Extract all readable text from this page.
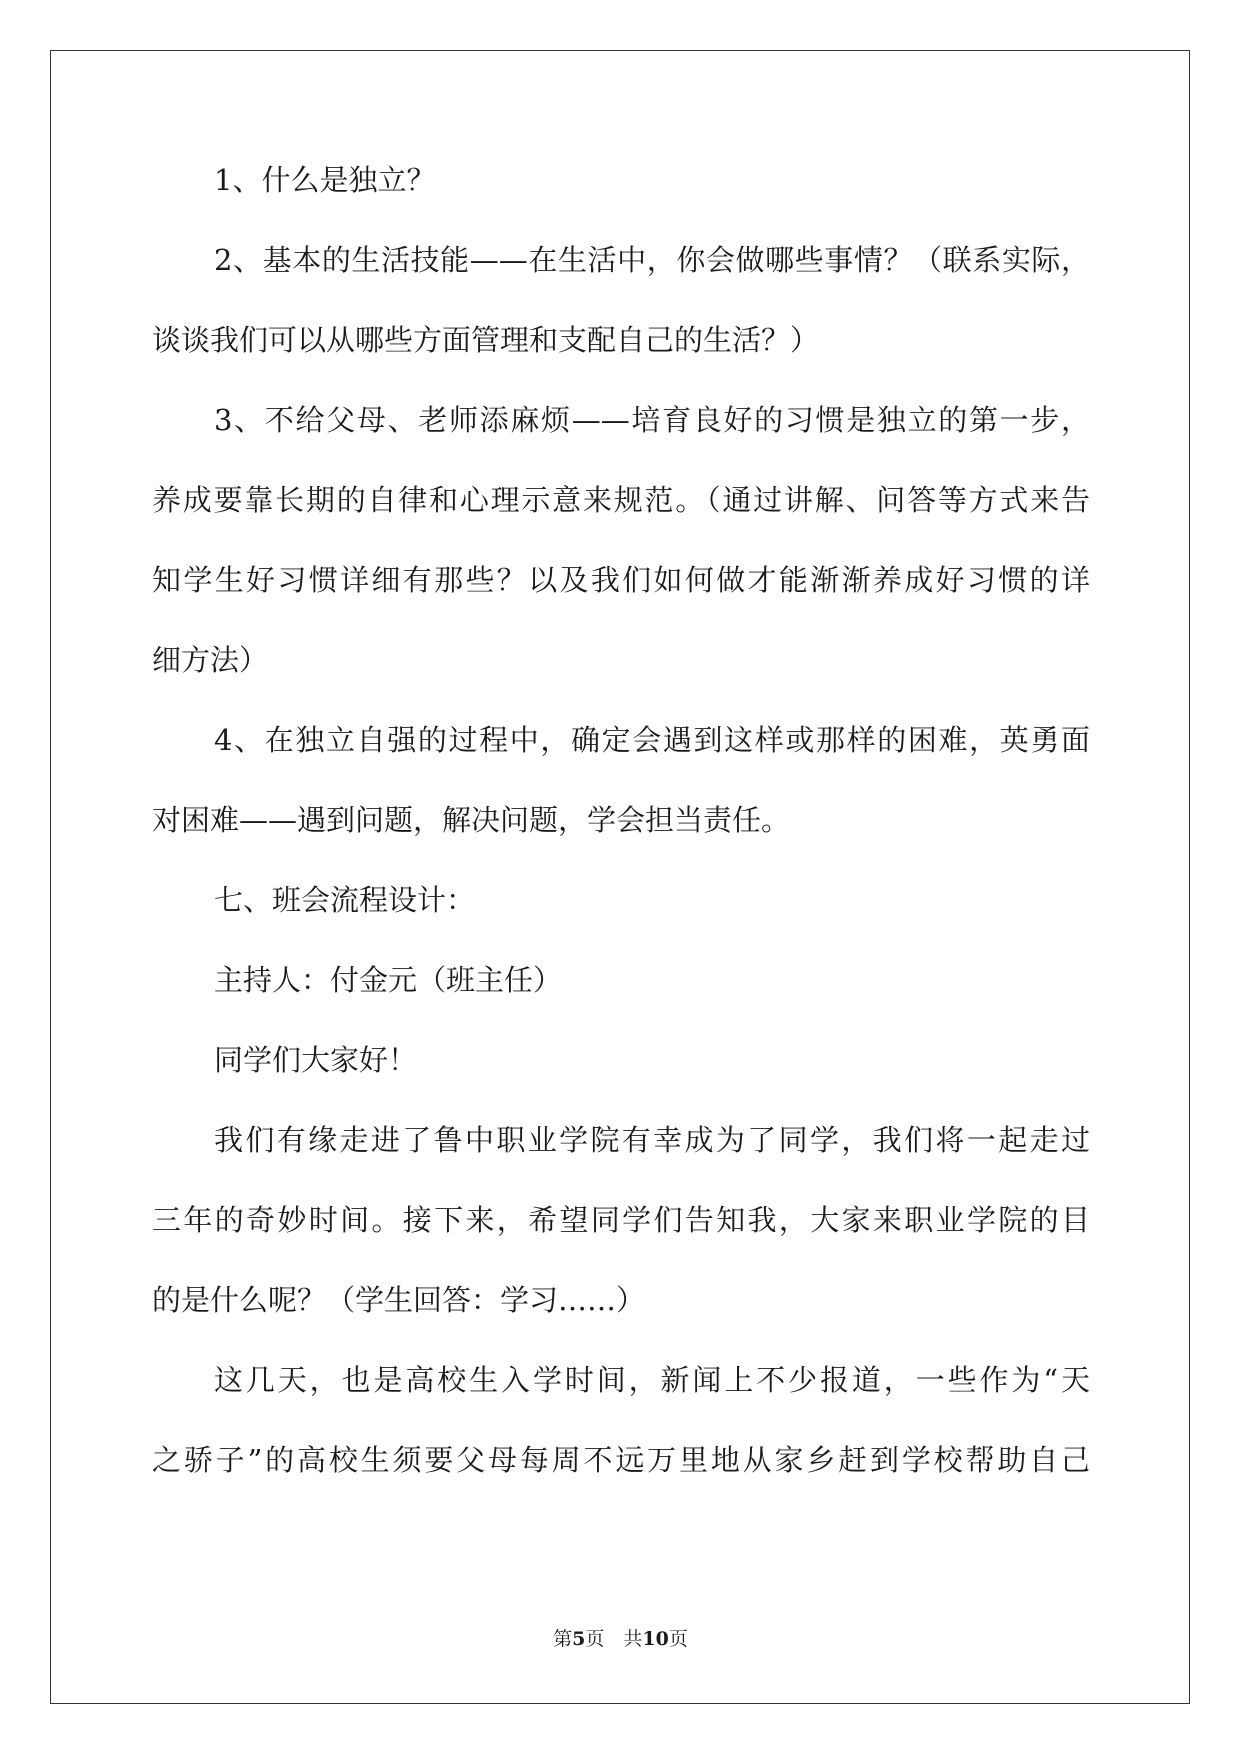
1、什么是独立？
2、基本的生活技能——在生活中，你会做哪些事情？（联系实际，
谈谈我们可以从哪些方面管理和支配自己的生活？）
3、不给父母、老师添麻烦——培育良好的习惯是独立的第一步，
养成要靠长期的自律和心理示意来规范。（通过讲解、问答等方式来告
知学生好习惯详细有那些？以及我们如何做才能渐渐养成好习惯的详
细方法）
4、在独立自强的过程中，确定会遇到这样或那样的困难，英勇面
对困难——遇到问题，解决问题，学会担当责任。
七、班会流程设计：
主持人：付金元（班主任）
同学们大家好！
我们有缘走进了鲁中职业学院有幸成为了同学，我们将一起走过
三年的奇妙时间。接下来，希望同学们告知我，大家来职业学院的目
的是什么呢？（学生回答：学习……）
这几天，也是高校生入学时间，新闻上不少报道，一些作为“天
之骄子”的高校生须要父母每周不远万里地从家乡赶到学校帮助自己
第5页　共10页
